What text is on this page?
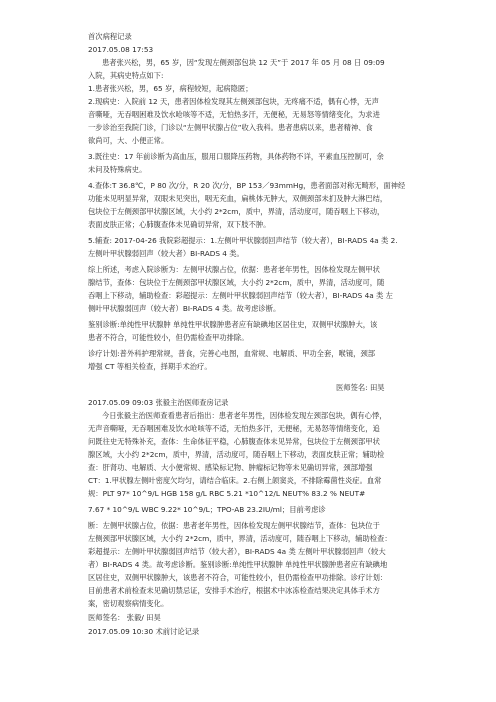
首次病程记录
2017.05.08 17:53
患者张兴松，男，65 岁，因“发现左侧颈部包块 12 天”于 2017 年 05 月 08 日 09:09
入院，其病史特点如下:
1.患者张兴松，男，65 岁，病程较短，起病隐匿；
2.现病史：入院前 12 天，患者因体检发现其左侧颈部包块，无疼痛不适，偶有心悸，无声
音嘶哑，无吞咽困难及饮水呛咳等不适，无怕热多汗，无便秘，无易怒等情绪变化，为求进
一步诊治至我院门诊，门诊以“左侧甲状腺占位”收入我科。患者患病以来，患者精神、食
欲尚可，大、小便正常。
3.既往史：17 年前诊断为高血压，服用口服降压药物，具体药物不详，平素血压控制可，余
未问及特殊病史。
4.查体:T 36.8℃，P 80 次/分，R 20 次/分，BP 153／93mmHg，患者面部对称无畸形，面神经
功能未见明显异常，双眼未见突出，咽无充血，扁桃体无肿大，双侧颈部未扪及肿大淋巴结，
包块位于左侧颈部甲状腺区域，大小约 2*2cm，质中，界清，活动度可，随吞咽上下移动，
表面皮肤正常；心肺腹查体未见确切异常，双下肢不肿。
5.辅查: 2017-04-26 我院彩超提示：1.左侧叶甲状腺弱回声结节（较大者），BI-RADS 4a 类 2.
左侧叶甲状腺弱回声（较大者）BI-RADS 4 类。
综上所述，考虑入院诊断为：左侧甲状腺占位，依据：患者老年男性，因体检发现左侧甲状
腺结节，查体：包块位于左侧颈部甲状腺区域，大小约 2*2cm，质中，界清，活动度可，随
吞咽上下移动，辅助检查：彩超提示：左侧叶甲状腺弱回声结节（较大者），BI-RADS 4a 类 左
侧叶甲状腺弱回声（较大者）BI-RADS 4 类。故考虑诊断。
鉴别诊断:单纯性甲状腺肿 单纯性甲状腺肿患者应有缺碘地区居住史，双侧甲状腺肿大，该
患者不符合，可能性较小，但仍需检查甲功排除。
诊疗计划:普外科护理常规，普食，完善心电图，血常规、电解质、甲功全套，喉镜，颈部
增强 CT 等相关检查，择期手术治疗。
医师签名: 田昊
2017.05.09 09:03 张毅主治医师查房记录
今日张毅主治医师查看患者后指出：患者老年男性，因体检发现左颈部包块，偶有心悸，
无声音嘶哑，无吞咽困难及饮水呛咳等不适，无怕热多汗，无便秘，无易怒等情绪变化，追
问既往史无特殊补充，查体：生命体征平稳，心肺腹查体未见异常，包块位于左侧颈部甲状
腺区域，大小约 2*2cm，质中，界清，活动度可，随吞咽上下移动，表面皮肤正常；辅助检
查：肝肾功、电解质、大小便常规、感染标记物、肿瘤标记物等未见确切异常，颈部增强
CT：1.甲状腺左侧叶密度欠均匀，请结合临床。2.右侧上颌窦炎，不排除霉菌性炎症。血常
规：PLT 97* 10^9/L HGB 158 g/L RBC 5.21 *10^12/L NEUT% 83.2 % NEUT#
7.67 * 10^9/L WBC 9.22* 10^9/L；TPO-AB 23.2IU/ml；目前考虑诊
断：左侧甲状腺占位，依据：患者老年男性，因体检发现左侧甲状腺结节，查体：包块位于
左侧颈部甲状腺区域，大小约 2*2cm，质中，界清，活动度可，随吞咽上下移动，辅助检查：
彩超提示：左侧叶甲状腺弱回声结节（较大者），BI-RADS 4a 类 左侧叶甲状腺弱回声（较大
者）BI-RADS 4 类。故考虑诊断。鉴别诊断:单纯性甲状腺肿 单纯性甲状腺肿患者应有缺碘地
区居住史，双侧甲状腺肿大，该患者不符合，可能性较小，但仍需检查甲功排除。诊疗计划：
目前患者术前检查未见确切禁忌证，安排手术治疗，根据术中冰冻检查结果决定具体手术方
案，密切观察病情变化。
医师签名： 张毅/ 田昊
2017.05.09 10:30 术前讨论记录
